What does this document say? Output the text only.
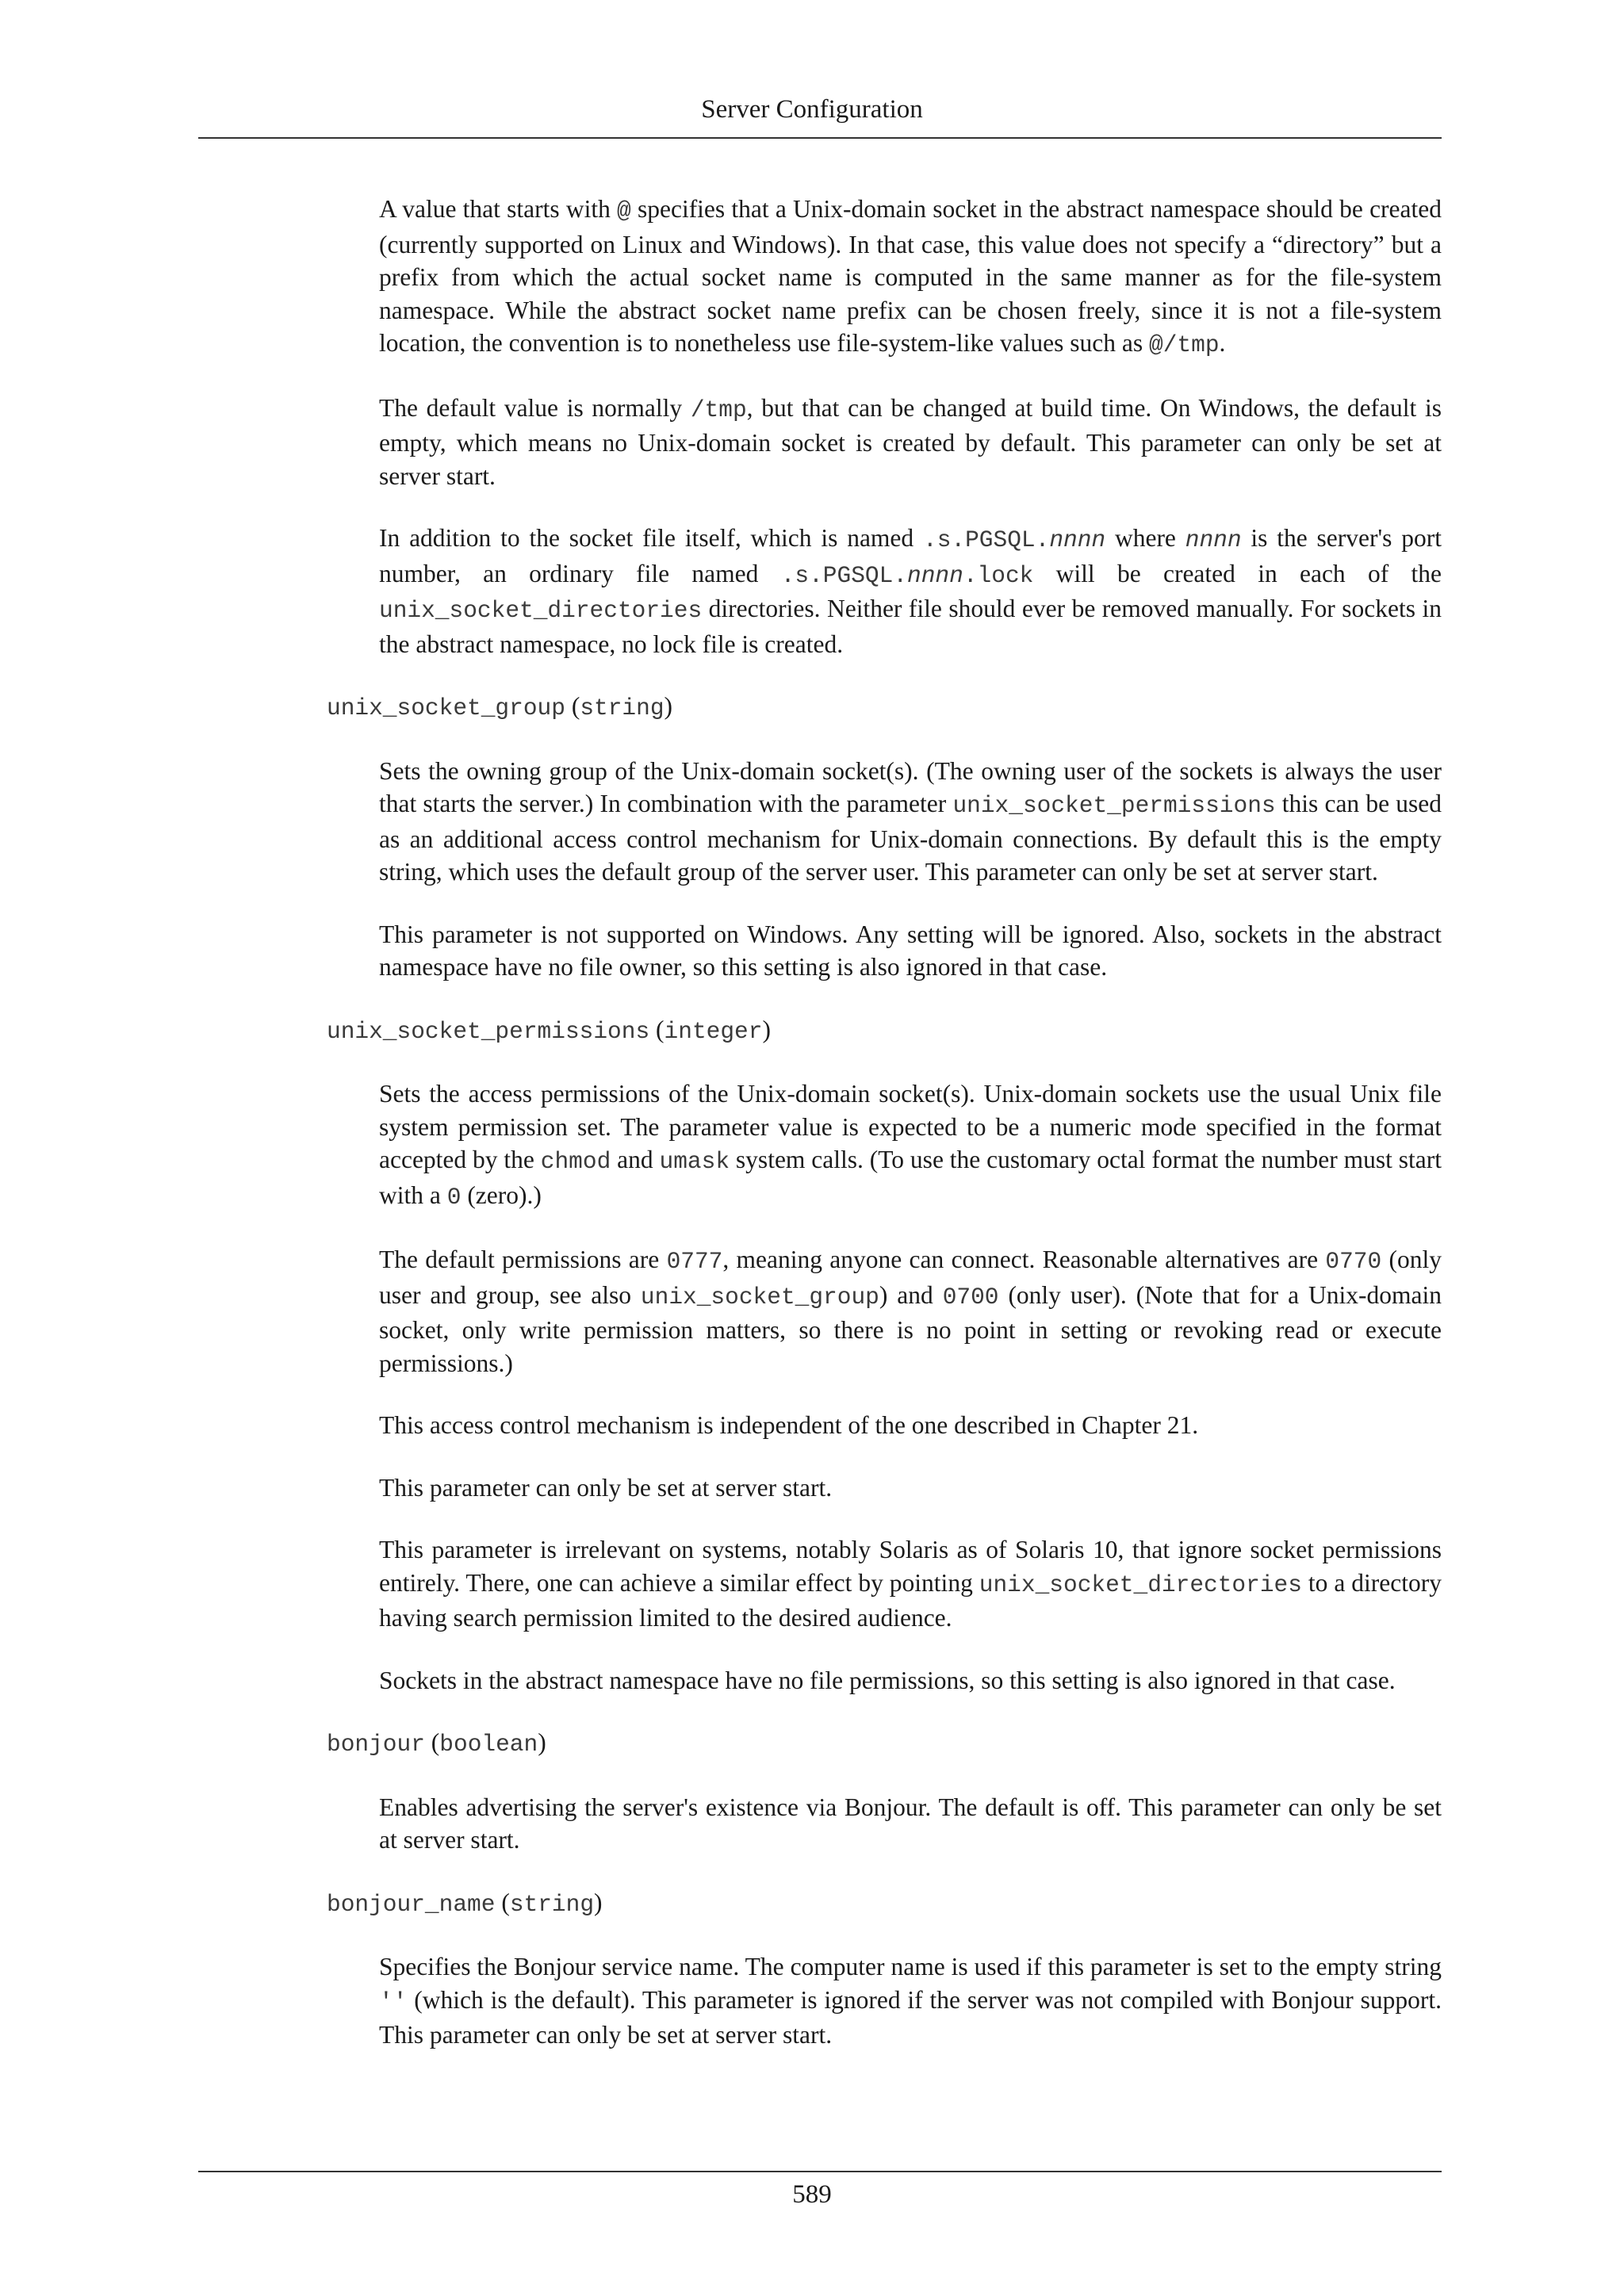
Server Configuration

A value that starts with @ specifies that a Unix-domain socket in the abstract namespace should be created (currently supported on Linux and Windows). In that case, this value does not specify a “directory” but a prefix from which the actual socket name is computed in the same manner as for the file-system namespace. While the abstract socket name prefix can be chosen freely, since it is not a file-system location, the convention is to nonetheless use file-system-like values such as @/tmp.

The default value is normally /tmp, but that can be changed at build time. On Windows, the default is empty, which means no Unix-domain socket is created by default. This parameter can only be set at server start.

In addition to the socket file itself, which is named .s.PGSQL.nnnn where nnnn is the server's port number, an ordinary file named .s.PGSQL.nnnn.lock will be created in each of the unix_socket_directories directories. Neither file should ever be removed manually. For sockets in the abstract namespace, no lock file is created.

unix_socket_group (string)

Sets the owning group of the Unix-domain socket(s). (The owning user of the sockets is always the user that starts the server.) In combination with the parameter unix_socket_permissions this can be used as an additional access control mechanism for Unix-domain connections. By default this is the empty string, which uses the default group of the server user. This parameter can only be set at server start.

This parameter is not supported on Windows. Any setting will be ignored. Also, sockets in the abstract namespace have no file owner, so this setting is also ignored in that case.

unix_socket_permissions (integer)

Sets the access permissions of the Unix-domain socket(s). Unix-domain sockets use the usual Unix file system permission set. The parameter value is expected to be a numeric mode specified in the format accepted by the chmod and umask system calls. (To use the customary octal format the number must start with a 0 (zero).)

The default permissions are 0777, meaning anyone can connect. Reasonable alternatives are 0770 (only user and group, see also unix_socket_group) and 0700 (only user). (Note that for a Unix-domain socket, only write permission matters, so there is no point in setting or revoking read or execute permissions.)

This access control mechanism is independent of the one described in Chapter 21.

This parameter can only be set at server start.

This parameter is irrelevant on systems, notably Solaris as of Solaris 10, that ignore socket permissions entirely. There, one can achieve a similar effect by pointing unix_socket_directories to a directory having search permission limited to the desired audience.

Sockets in the abstract namespace have no file permissions, so this setting is also ignored in that case.

bonjour (boolean)

Enables advertising the server's existence via Bonjour. The default is off. This parameter can only be set at server start.

bonjour_name (string)

Specifies the Bonjour service name. The computer name is used if this parameter is set to the empty string '' (which is the default). This parameter is ignored if the server was not compiled with Bonjour support. This parameter can only be set at server start.

589
